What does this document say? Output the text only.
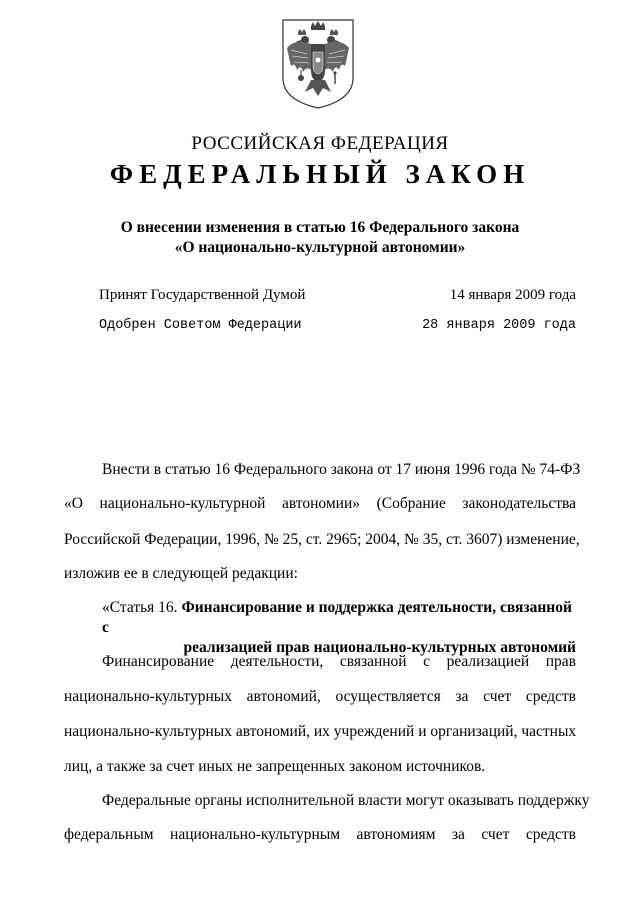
РОССИЙСКАЯ ФЕДЕРАЦИЯ
ФЕДЕРАЛЬНЫЙ ЗАКОН
О внесении изменения в статью 16 Федерального закона
«О национально-культурной автономии»
Принят Государственной Думой	14 января 2009 года
Одобрен Советом Федерации	28 января 2009 года
Внести в статью 16 Федерального закона от 17 июня 1996 года № 74-ФЗ
«О национально-культурной автономии» (Собрание законодательства
Российской Федерации, 1996, № 25, ст. 2965; 2004, № 35, ст. 3607) изменение,
изложив ее в следующей редакции:
«Статья 16. Финансирование и поддержка деятельности, связанной с
реализацией прав национально-культурных автономий
Финансирование деятельности, связанной с реализацией прав
национально-культурных автономий, осуществляется за счет средств
национально-культурных автономий, их учреждений и организаций, частных
лиц, а также за счет иных не запрещенных законом источников.
Федеральные органы исполнительной власти могут оказывать поддержку
федеральным национально-культурным автономиям за счет средств
